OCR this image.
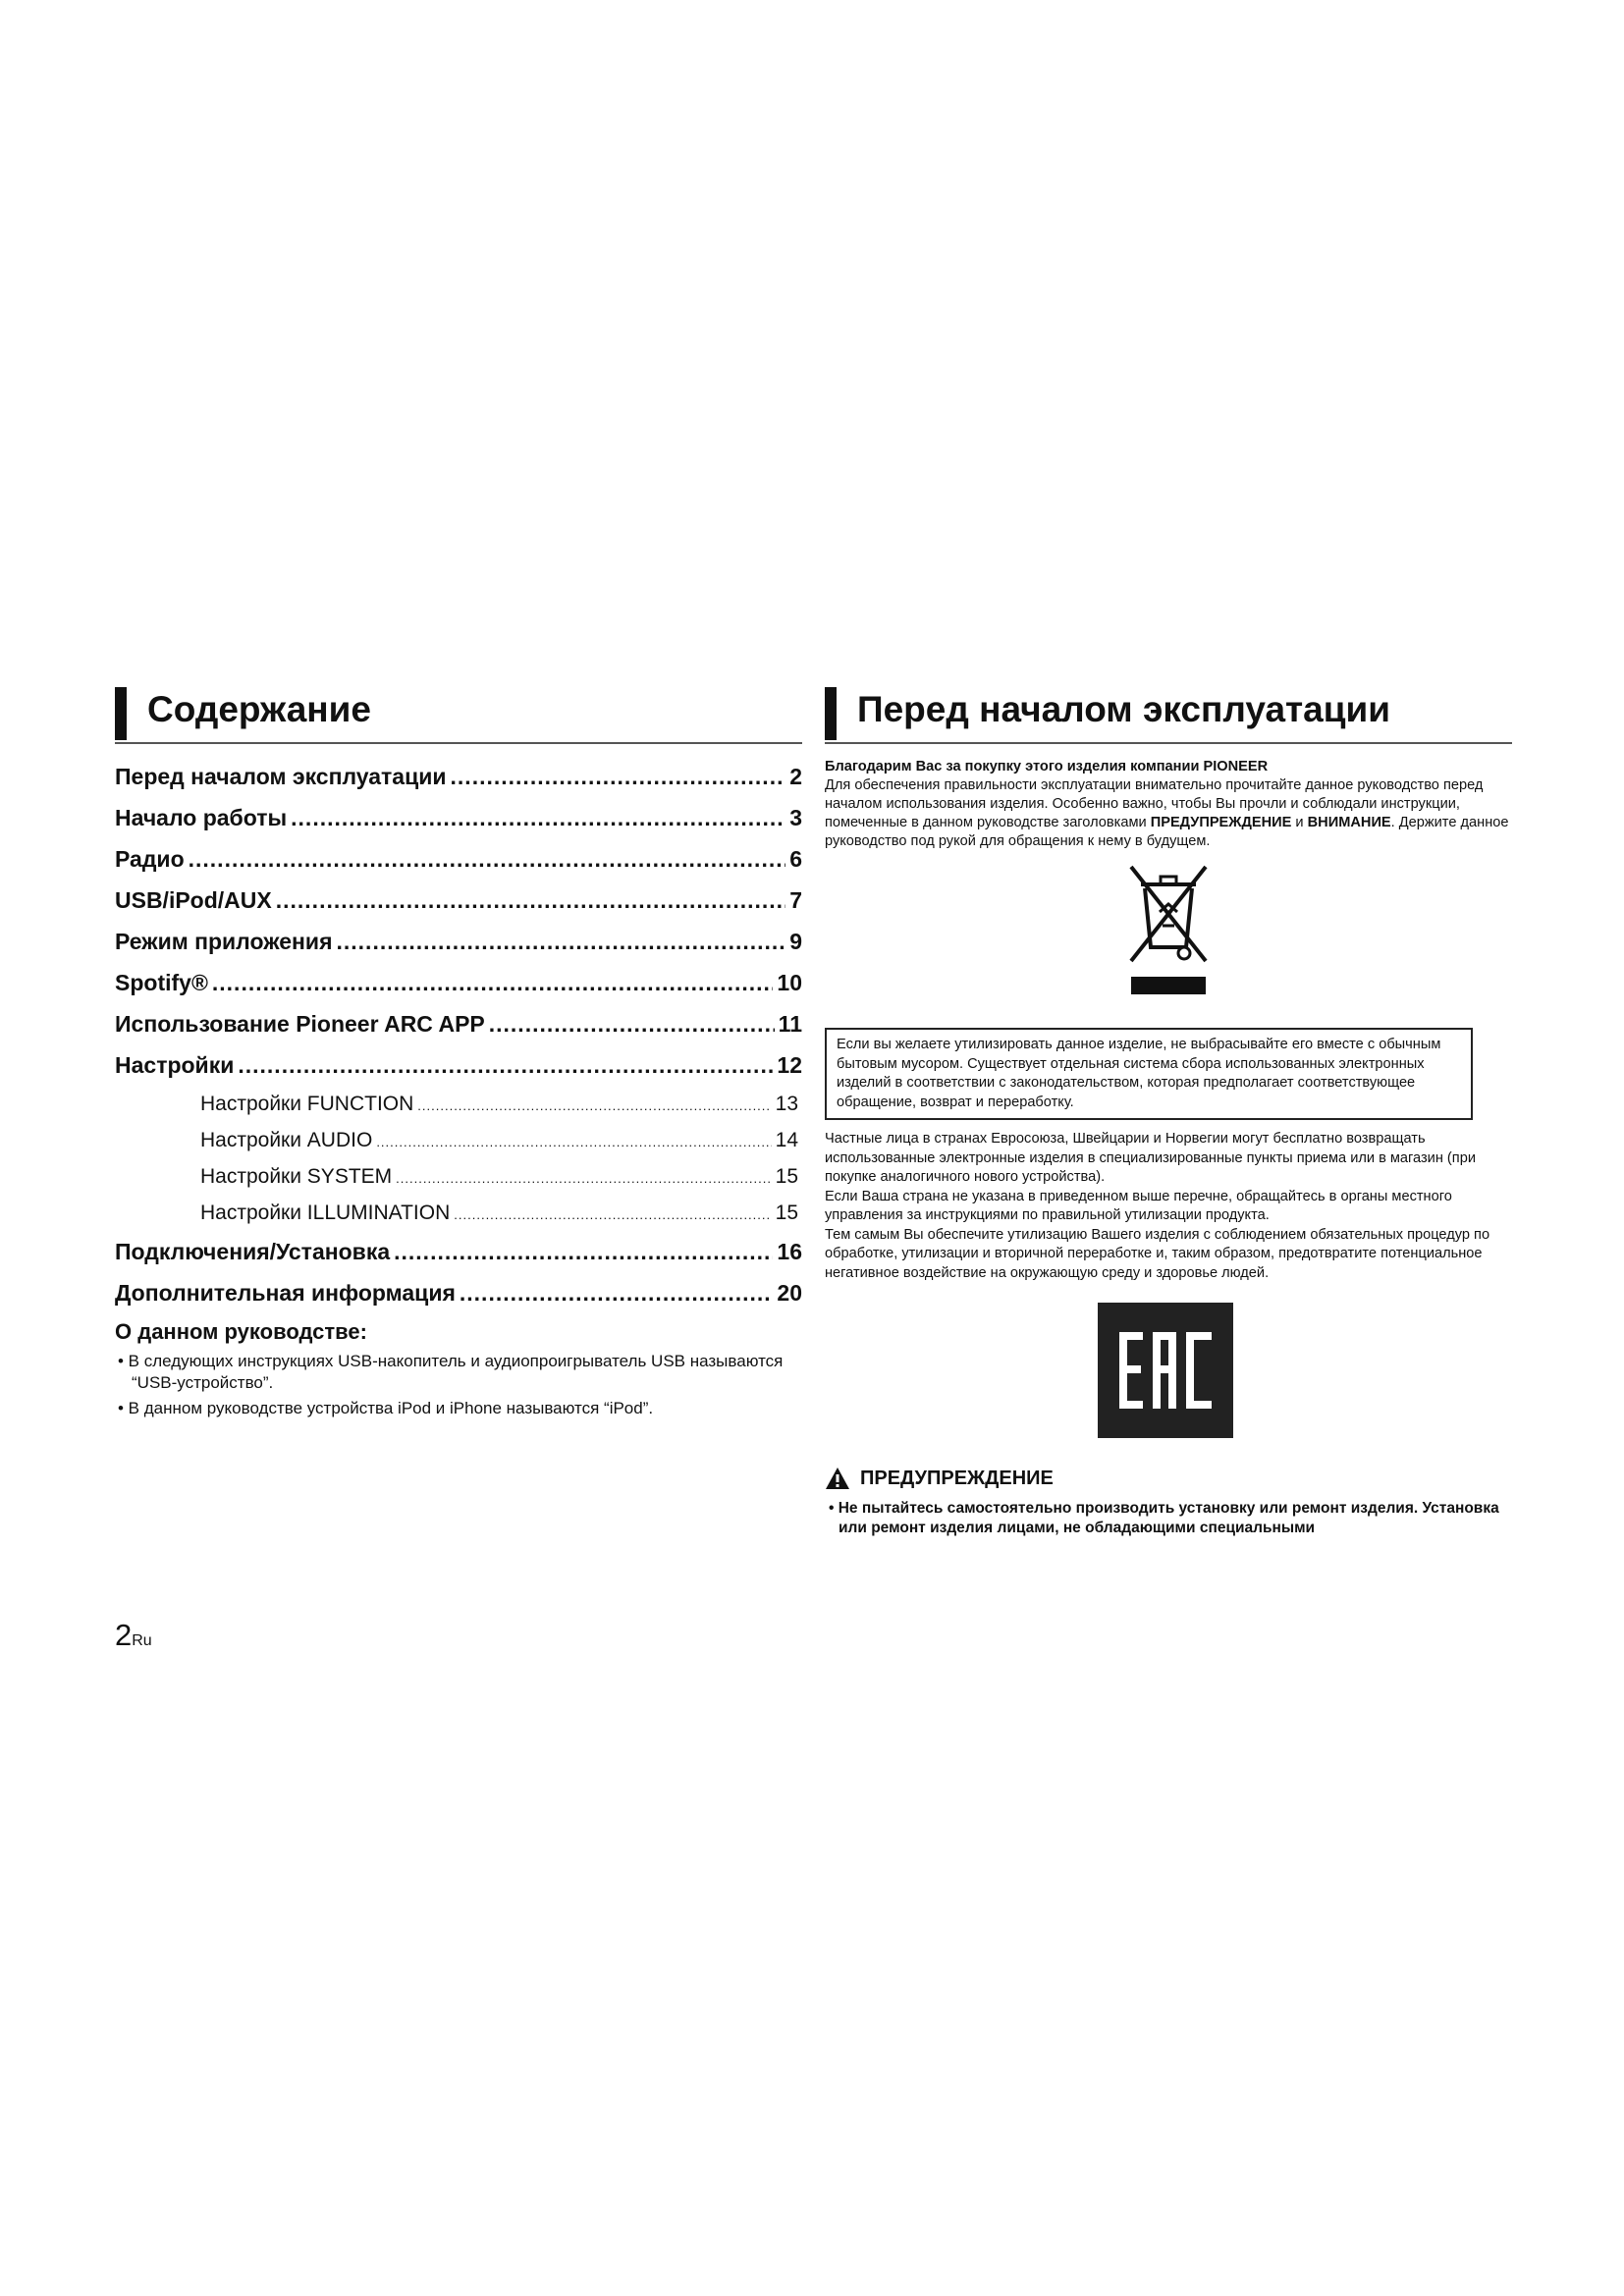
Содержание
Перед началом эксплуатации .....	2
Начало работы .....	3
Радио .....	6
USB/iPod/AUX .....	7
Режим приложения .....	9
Spotify® .....	10
Использование Pioneer ARC APP .....	11
Настройки .....	12
Настройки FUNCTION .....	13
Настройки AUDIO .....	14
Настройки SYSTEM .....	15
Настройки ILLUMINATION .....	15
Подключения/Установка .....	16
Дополнительная информация .....	20
О данном руководстве:
• В следующих инструкциях USB-накопитель и аудиопроигрыватель USB называются “USB-устройство”.
• В данном руководстве устройства iPod и iPhone называются “iPod”.
Перед началом эксплуатации
Благодарим Вас за покупку этого изделия компании PIONEER
Для обеспечения правильности эксплуатации внимательно прочитайте данное руководство перед началом использования изделия. Особенно важно, чтобы Вы прочли и соблюдали инструкции, помеченные в данном руководстве заголовками ПРЕДУПРЕЖДЕНИЕ и ВНИМАНИЕ. Держите данное руководство под рукой для обращения к нему в будущем.
Если вы желаете утилизировать данное изделие, не выбрасывайте его вместе с обычным бытовым мусором. Существует отдельная система сбора использованных электронных изделий в соответствии с законодательством, которая предполагает соответствующее обращение, возврат и переработку.
Частные лица в странах Евросоюза, Швейцарии и Норвегии могут бесплатно возвращать использованные электронные изделия в специализированные пункты приема или в магазин (при покупке аналогичного нового устройства).
Если Ваша страна не указана в приведенном выше перечне, обращайтесь в органы местного управления за инструкциями по правильной утилизации продукта.
Тем самым Вы обеспечите утилизацию Вашего изделия с соблюдением обязательных процедур по обработке, утилизации и вторичной переработке и, таким образом, предотвратите потенциальное негативное воздействие на окружающую среду и здоровье людей.
ПРЕДУПРЕЖДЕНИЕ
• Не пытайтесь самостоятельно производить установку или ремонт изделия. Установка или ремонт изделия лицами, не обладающими специальными
2Ru
